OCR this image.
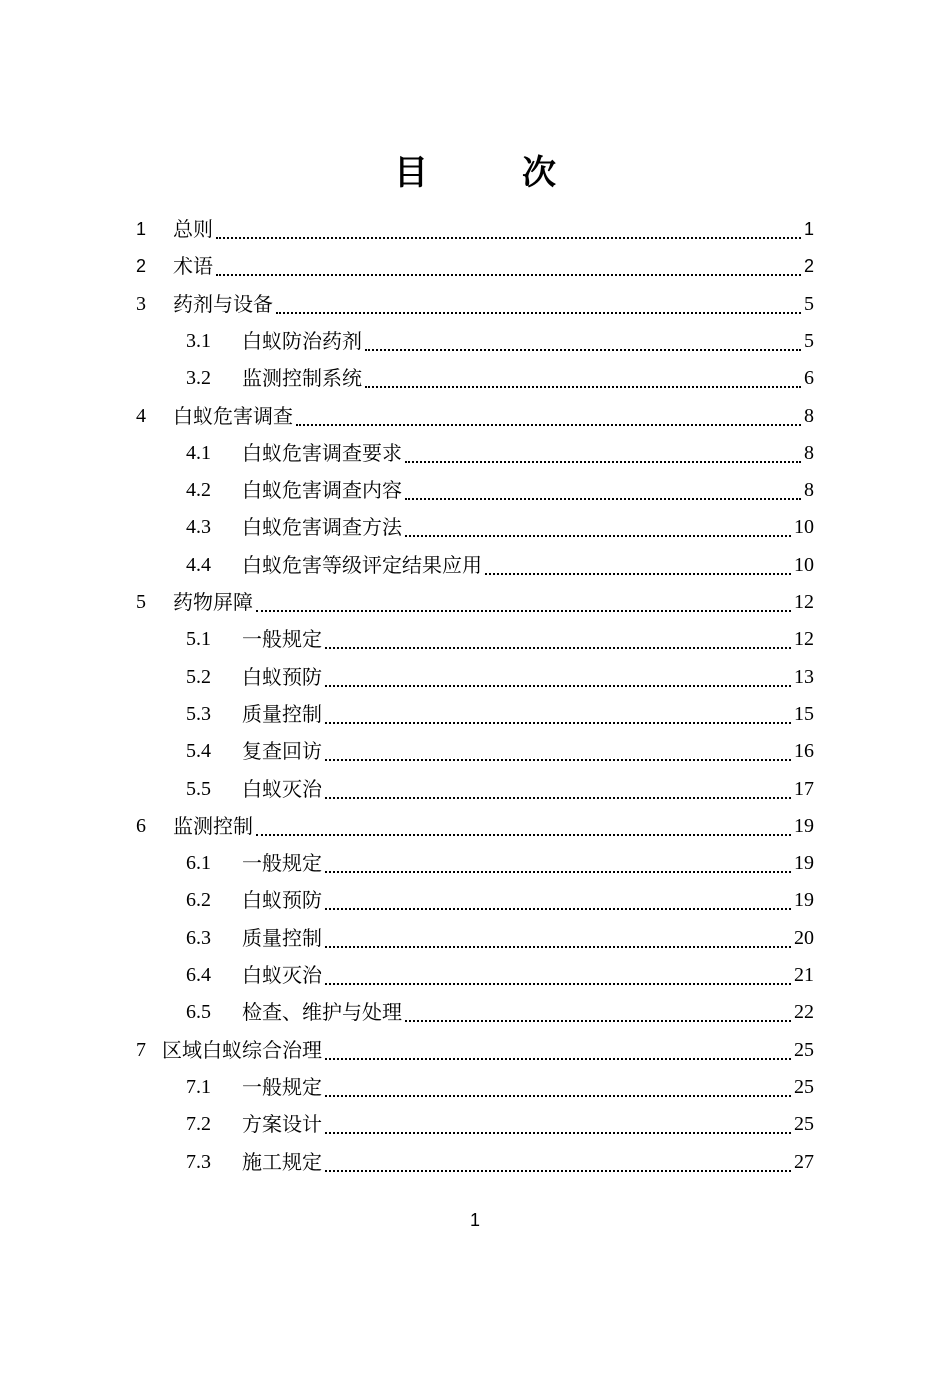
目　次
1	总则	1
2	术语	2
3	药剂与设备	5
3.1	白蚁防治药剂	5
3.2	监测控制系统	6
4	白蚁危害调查	8
4.1	白蚁危害调查要求	8
4.2	白蚁危害调查内容	8
4.3	白蚁危害调查方法	10
4.4	白蚁危害等级评定结果应用	10
5	药物屏障	12
5.1	一般规定	12
5.2	白蚁预防	13
5.3	质量控制	15
5.4	复查回访	16
5.5	白蚁灭治	17
6	监测控制	19
6.1	一般规定	19
6.2	白蚁预防	19
6.3	质量控制	20
6.4	白蚁灭治	21
6.5	检查、维护与处理	22
7 区域白蚁综合治理	25
7.1	一般规定	25
7.2	方案设计	25
7.3	施工规定	27
1
